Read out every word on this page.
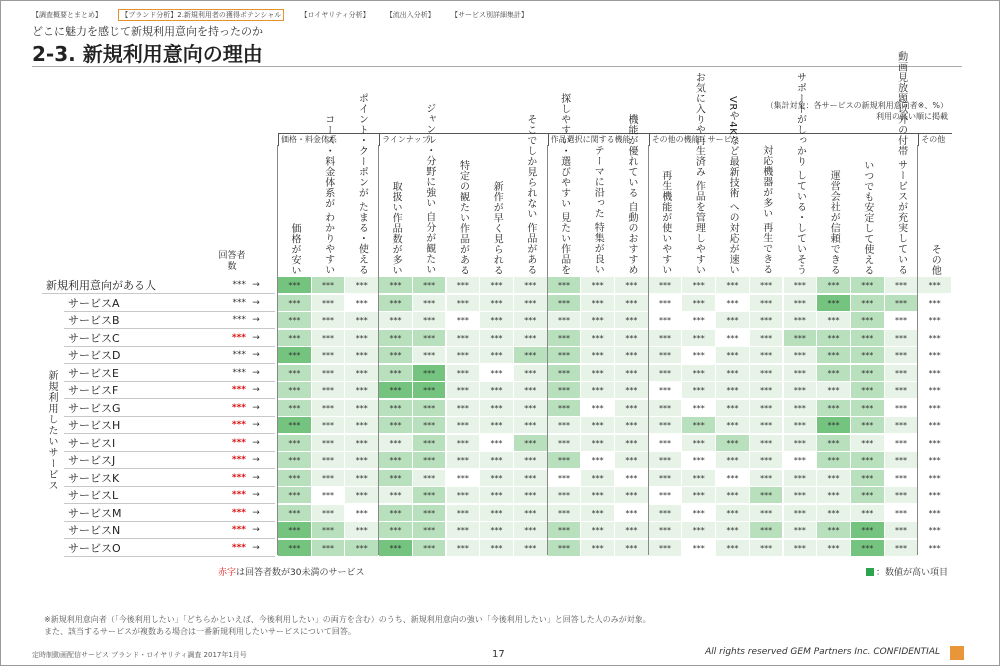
【調査概要とまとめ】	【ブランド分析】2.新規利用者の獲得ポテンシャル	【ロイヤリティ分析】 【流出入分析】 【サービス別詳細集計】
どこに魅力を感じて新規利用意向を持ったのか
2-3. 新規利用意向の理由
（集計対象：各サービスの新規利用意向者※、%）
利用の高い順に掲載
価格・料金体系	ラインナップ	作品選択に関する機能	その他の機能・サービス	その他
価格が安い コース・料金体系が わかりやすい ポイント・クーポンが たまる・使える 取扱い作品数が多い ジャンル・分野に強い 自分が観たい 特定の観たい作品がある 新作が早く見られる そこでしか見られない 作品がある 探しやすい・選びやすい 見たい作品を テーマに沿った 特集が良い 機能が優れている 自動のおすすめ 再生機能が使いやすい お気に入りや再生済み 作品を管理しやすい VRや4Kなど最新技術 への対応が速い 対応機器が多い 再生できる サポートがしっかり している・していそう 運営会社が信頼できる いつでも安定して使える 動画見放題以外の付帯 サービスが充実している その他
回答者数
新規利用意向がある人	*** →	***	***	***	***	***	***	***	***	***	***	***	***	***	***	***	***	***	***	***	***
サービスA	*** →	***	***	***	***	***	***	***	***	***	***	***	***	***	***	***	***	***	***	***	***
サービスB	*** →	***	***	***	***	***	***	***	***	***	***	***	***	***	***	***	***	***	***	***	***
サービスC	*** →	***	***	***	***	***	***	***	***	***	***	***	***	***	***	***	***	***	***	***	***
サービスD	*** →	***	***	***	***	***	***	***	***	***	***	***	***	***	***	***	***	***	***	***	***
サービスE	*** →	***	***	***	***	***	***	***	***	***	***	***	***	***	***	***	***	***	***	***	***
サービスF	*** →	***	***	***	***	***	***	***	***	***	***	***	***	***	***	***	***	***	***	***	***
サービスG	*** →	***	***	***	***	***	***	***	***	***	***	***	***	***	***	***	***	***	***	***	***
サービスH	*** →	***	***	***	***	***	***	***	***	***	***	***	***	***	***	***	***	***	***	***	***
サービスI	*** →	***	***	***	***	***	***	***	***	***	***	***	***	***	***	***	***	***	***	***	***
サービスJ	*** →	***	***	***	***	***	***	***	***	***	***	***	***	***	***	***	***	***	***	***	***
サービスK	*** →	***	***	***	***	***	***	***	***	***	***	***	***	***	***	***	***	***	***	***	***
サービスL	*** →	***	***	***	***	***	***	***	***	***	***	***	***	***	***	***	***	***	***	***	***
サービスM	*** →	***	***	***	***	***	***	***	***	***	***	***	***	***	***	***	***	***	***	***	***
サービスN	*** →	***	***	***	***	***	***	***	***	***	***	***	***	***	***	***	***	***	***	***	***
サービスO	*** →	***	***	***	***	***	***	***	***	***	***	***	***	***	***	***	***	***	***	***	***
新規利用したいサービス
赤字は回答者数が30未満のサービス	：数値が高い項目
※新規利用意向者（「今後利用したい」「どちらかといえば、今後利用したい」の両方を含む）のうち、新規利用意向の強い「今後利用したい」と回答した人のみが対象。
また、該当するサービスが複数ある場合は一番新規利用したいサービスについて回答。
定時制動画配信サービス ブランド・ロイヤリティ調査 2017年1月号	17	All rights reserved GEM Partners Inc. CONFIDENTIAL
